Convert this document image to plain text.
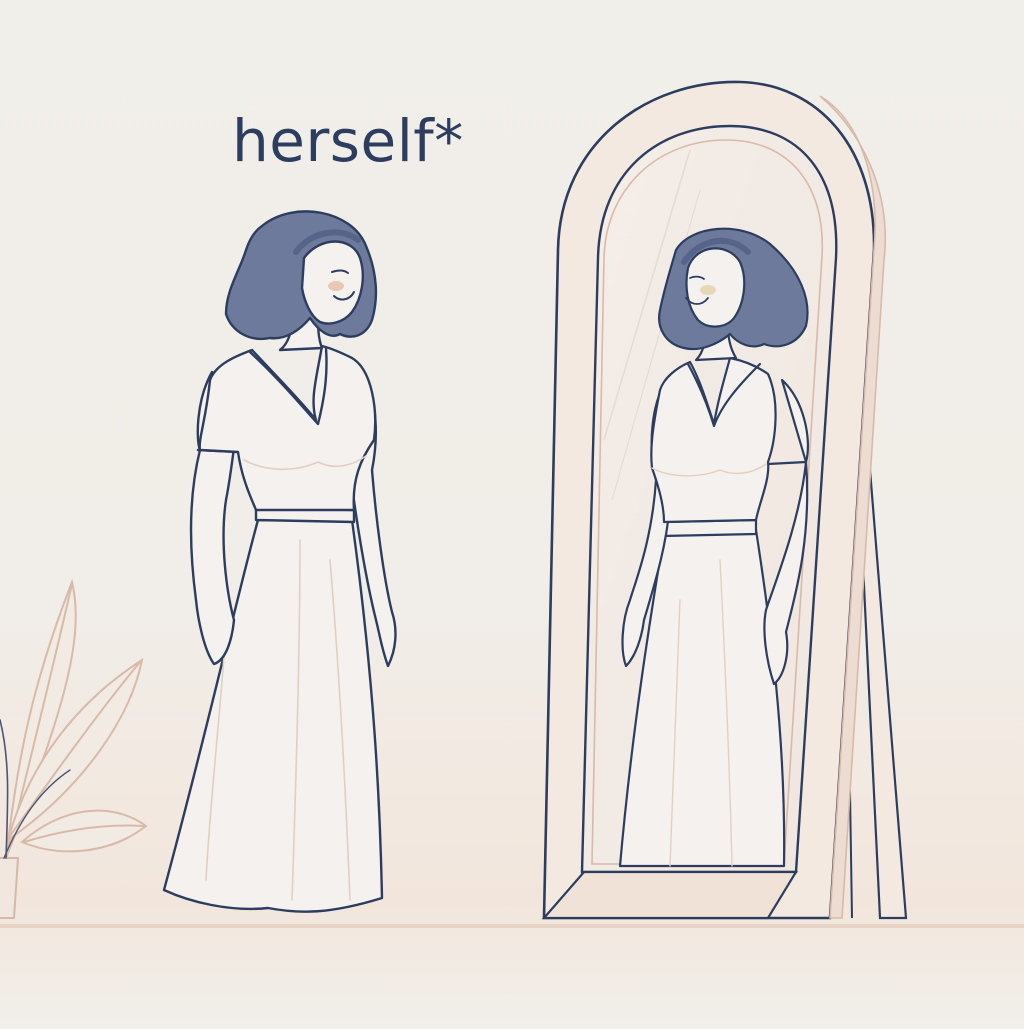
herself*
